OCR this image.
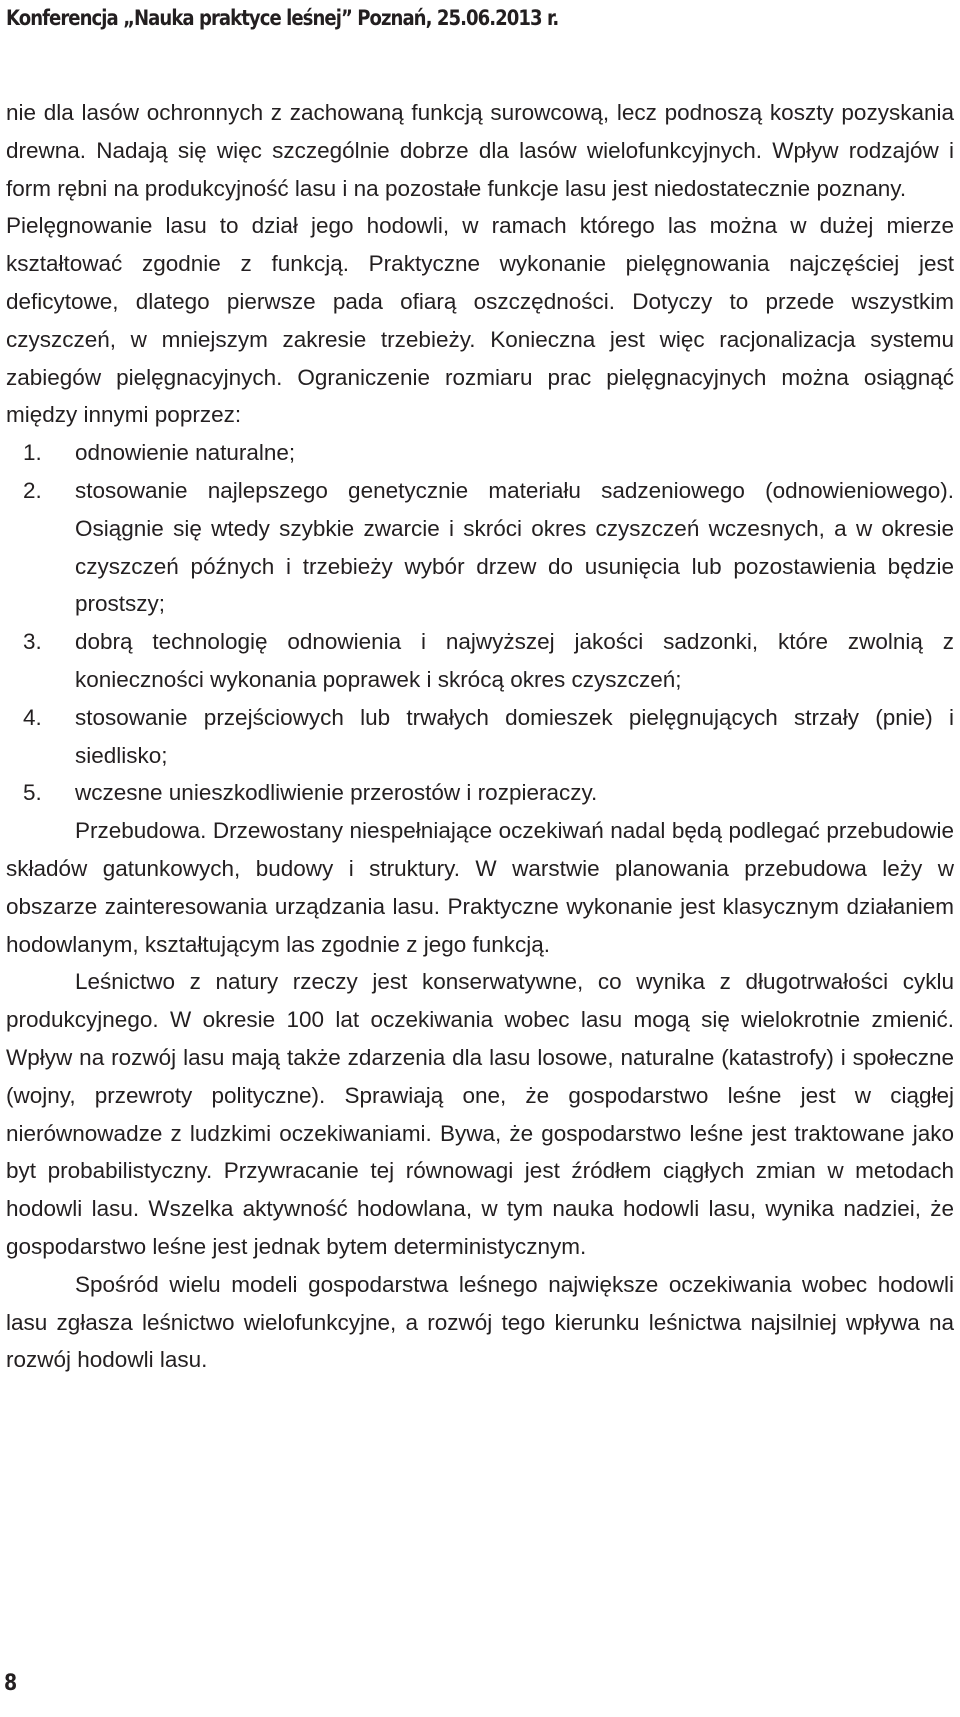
Konferencja „Nauka praktyce leśnej” Poznań, 25.06.2013 r.

nie dla lasów ochronnych z zachowaną funkcją surowcową, lecz podnoszą koszty pozyskania drewna. Nadają się więc szczególnie dobrze dla lasów wielofunkcyjnych. Wpływ rodzajów i form rębni na produkcyjność lasu i na pozostałe funkcje lasu jest niedostatecznie poznany.

Pielęgnowanie lasu to dział jego hodowli, w ramach którego las można w dużej mierze kształtować zgodnie z funkcją. Praktyczne wykonanie pielęgnowania najczęściej jest deficytowe, dlatego pierwsze pada ofiarą oszczędności. Dotyczy to przede wszystkim czyszczeń, w mniejszym zakresie trzebieży. Konieczna jest więc racjonalizacja systemu zabiegów pielęgnacyjnych. Ograniczenie rozmiaru prac pielęgnacyjnych można osiągnąć między innymi poprzez:

1. odnowienie naturalne;
2. stosowanie najlepszego genetycznie materiału sadzeniowego (odnowieniowego). Osiągnie się wtedy szybkie zwarcie i skróci okres czyszczeń wczesnych, a w okresie czyszczeń późnych i trzebieży wybór drzew do usunięcia lub pozostawienia będzie prostszy;
3. dobrą technologię odnowienia i najwyższej jakości sadzonki, które zwolnią z konieczności wykonania poprawek i skrócą okres czyszczeń;
4. stosowanie przejściowych lub trwałych domieszek pielęgnujących strzały (pnie) i siedlisko;
5. wczesne unieszkodliwienie przerostów i rozpieraczy.

Przebudowa. Drzewostany niespełniające oczekiwań nadal będą podlegać przebudowie składów gatunkowych, budowy i struktury. W warstwie planowania przebudowa leży w obszarze zainteresowania urządzania lasu. Praktyczne wykonanie jest klasycznym działaniem hodowlanym, kształtującym las zgodnie z jego funkcją.

Leśnictwo z natury rzeczy jest konserwatywne, co wynika z długotrwałości cyklu produkcyjnego. W okresie 100 lat oczekiwania wobec lasu mogą się wielokrotnie zmienić. Wpływ na rozwój lasu mają także zdarzenia dla lasu losowe, naturalne (katastrofy) i społeczne (wojny, przewroty polityczne). Sprawiają one, że gospodarstwo leśne jest w ciągłej nierównowadze z ludzkimi oczekiwaniami. Bywa, że gospodarstwo leśne jest traktowane jako byt probabilistyczny. Przywracanie tej równowagi jest źródłem ciągłych zmian w metodach hodowli lasu. Wszelka aktywność hodowlana, w tym nauka hodowli lasu, wynika nadziei, że gospodarstwo leśne jest jednak bytem deterministycznym.

Spośród wielu modeli gospodarstwa leśnego największe oczekiwania wobec hodowli lasu zgłasza leśnictwo wielofunkcyjne, a rozwój tego kierunku leśnictwa najsilniej wpływa na rozwój hodowli lasu.

8
